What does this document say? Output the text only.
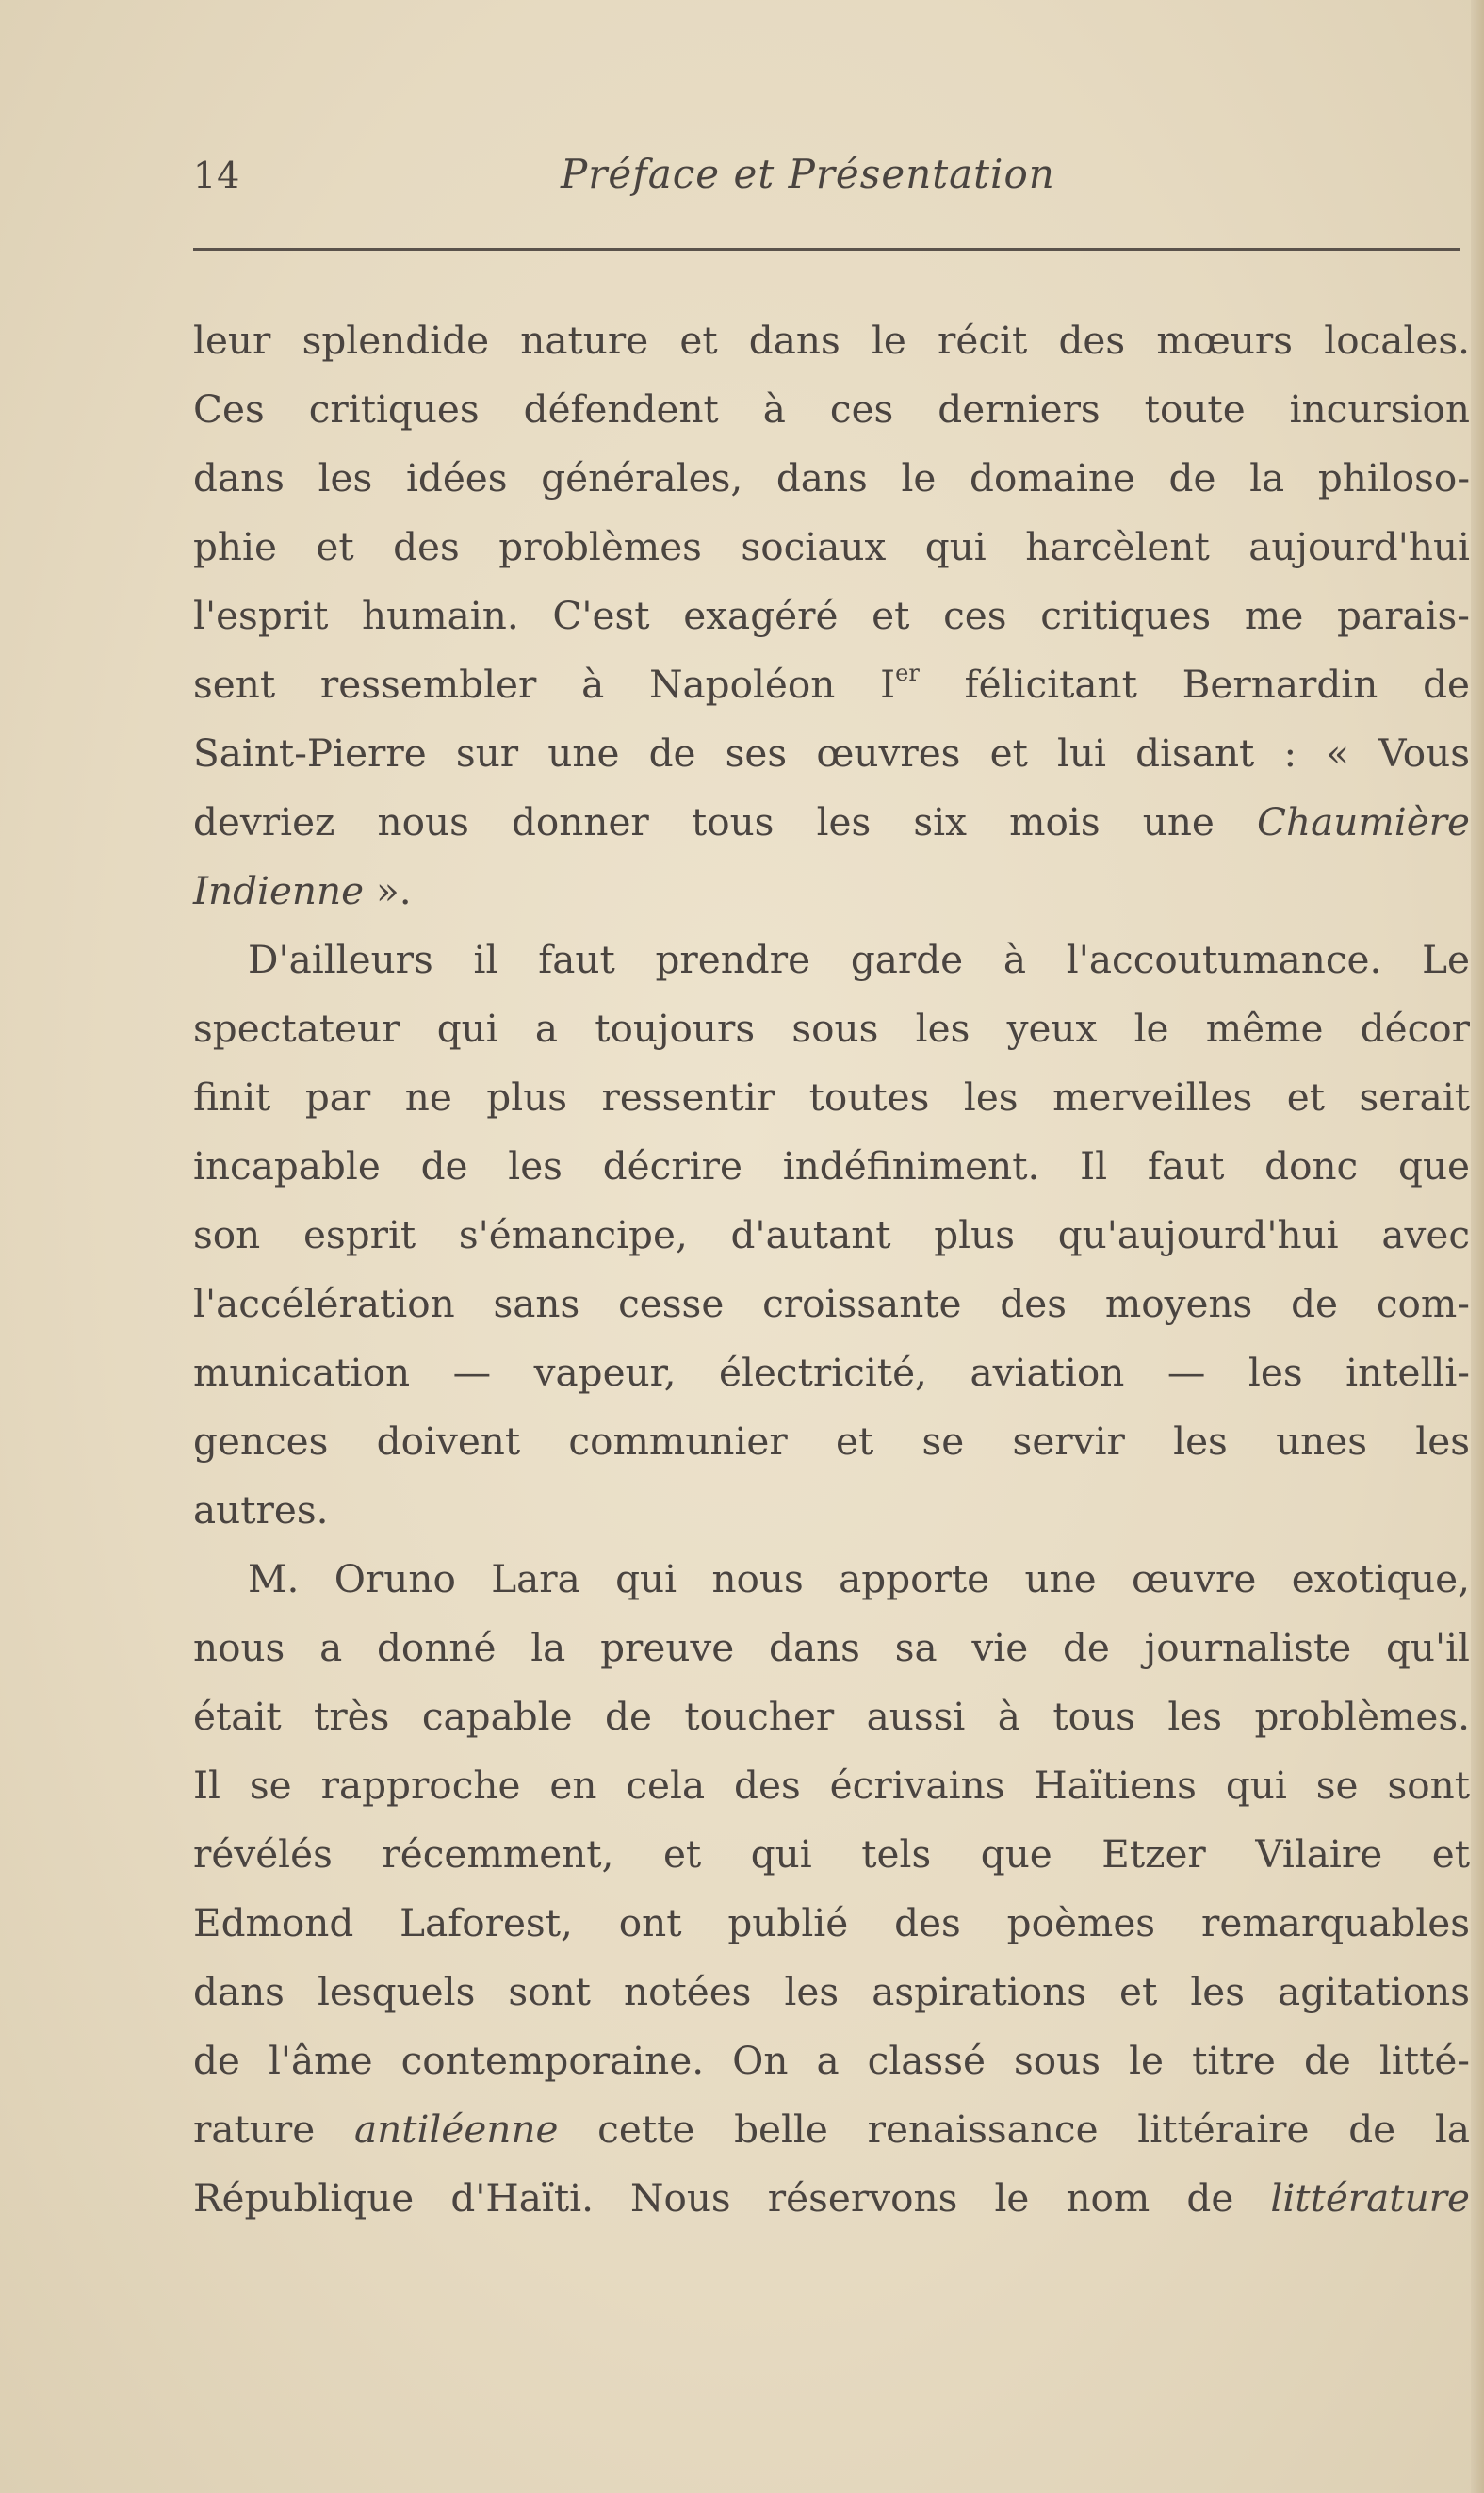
14	Préface et Présentation
leur splendide nature et dans le récit des mœurs locales.
Ces critiques défendent à ces derniers toute incursion
dans les idées générales, dans le domaine de la philoso-
phie et des problèmes sociaux qui harcèlent aujourd'hui
l'esprit humain. C'est exagéré et ces critiques me parais-
sent ressembler à Napoléon Ier félicitant Bernardin de
Saint-Pierre sur une de ses œuvres et lui disant : « Vous
devriez nous donner tous les six mois une Chaumière
Indienne ».
D'ailleurs il faut prendre garde à l'accoutumance. Le
spectateur qui a toujours sous les yeux le même décor
finit par ne plus ressentir toutes les merveilles et serait
incapable de les décrire indéfiniment. Il faut donc que
son esprit s'émancipe, d'autant plus qu'aujourd'hui avec
l'accélération sans cesse croissante des moyens de com-
munication — vapeur, électricité, aviation — les intelli-
gences doivent communier et se servir les unes les
autres.
M. Oruno Lara qui nous apporte une œuvre exotique,
nous a donné la preuve dans sa vie de journaliste qu'il
était très capable de toucher aussi à tous les problèmes.
Il se rapproche en cela des écrivains Haïtiens qui se sont
révélés récemment, et qui tels que Etzer Vilaire et
Edmond Laforest, ont publié des poèmes remarquables
dans lesquels sont notées les aspirations et les agitations
de l'âme contemporaine. On a classé sous le titre de litté-
rature antiléenne cette belle renaissance littéraire de la
République d'Haïti. Nous réservons le nom de littérature
